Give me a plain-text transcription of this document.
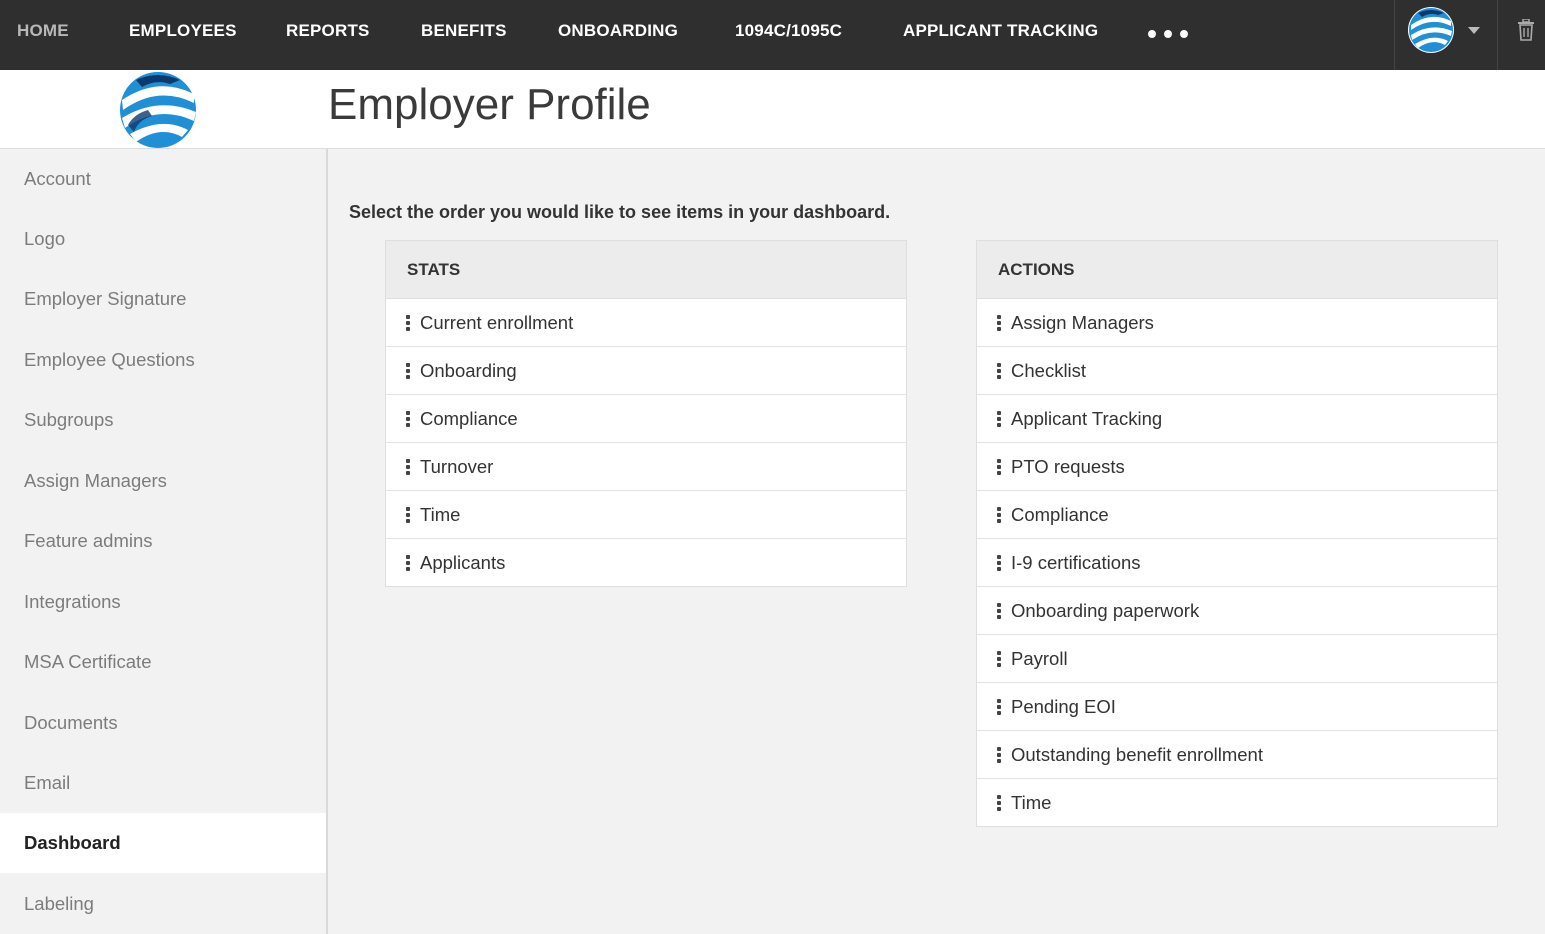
HOME	EMPLOYEES	REPORTS	BENEFITS	ONBOARDING	1094C/1095C	APPLICANT TRACKING
Employer Profile
Account
Logo
Employer Signature
Employee Questions
Subgroups
Assign Managers
Feature admins
Integrations
MSA Certificate
Documents
Email
Dashboard
Labeling
Select the order you would like to see items in your dashboard.
STATS
Current enrollment
Onboarding
Compliance
Turnover
Time
Applicants
ACTIONS
Assign Managers
Checklist
Applicant Tracking
PTO requests
Compliance
I-9 certifications
Onboarding paperwork
Payroll
Pending EOI
Outstanding benefit enrollment
Time
